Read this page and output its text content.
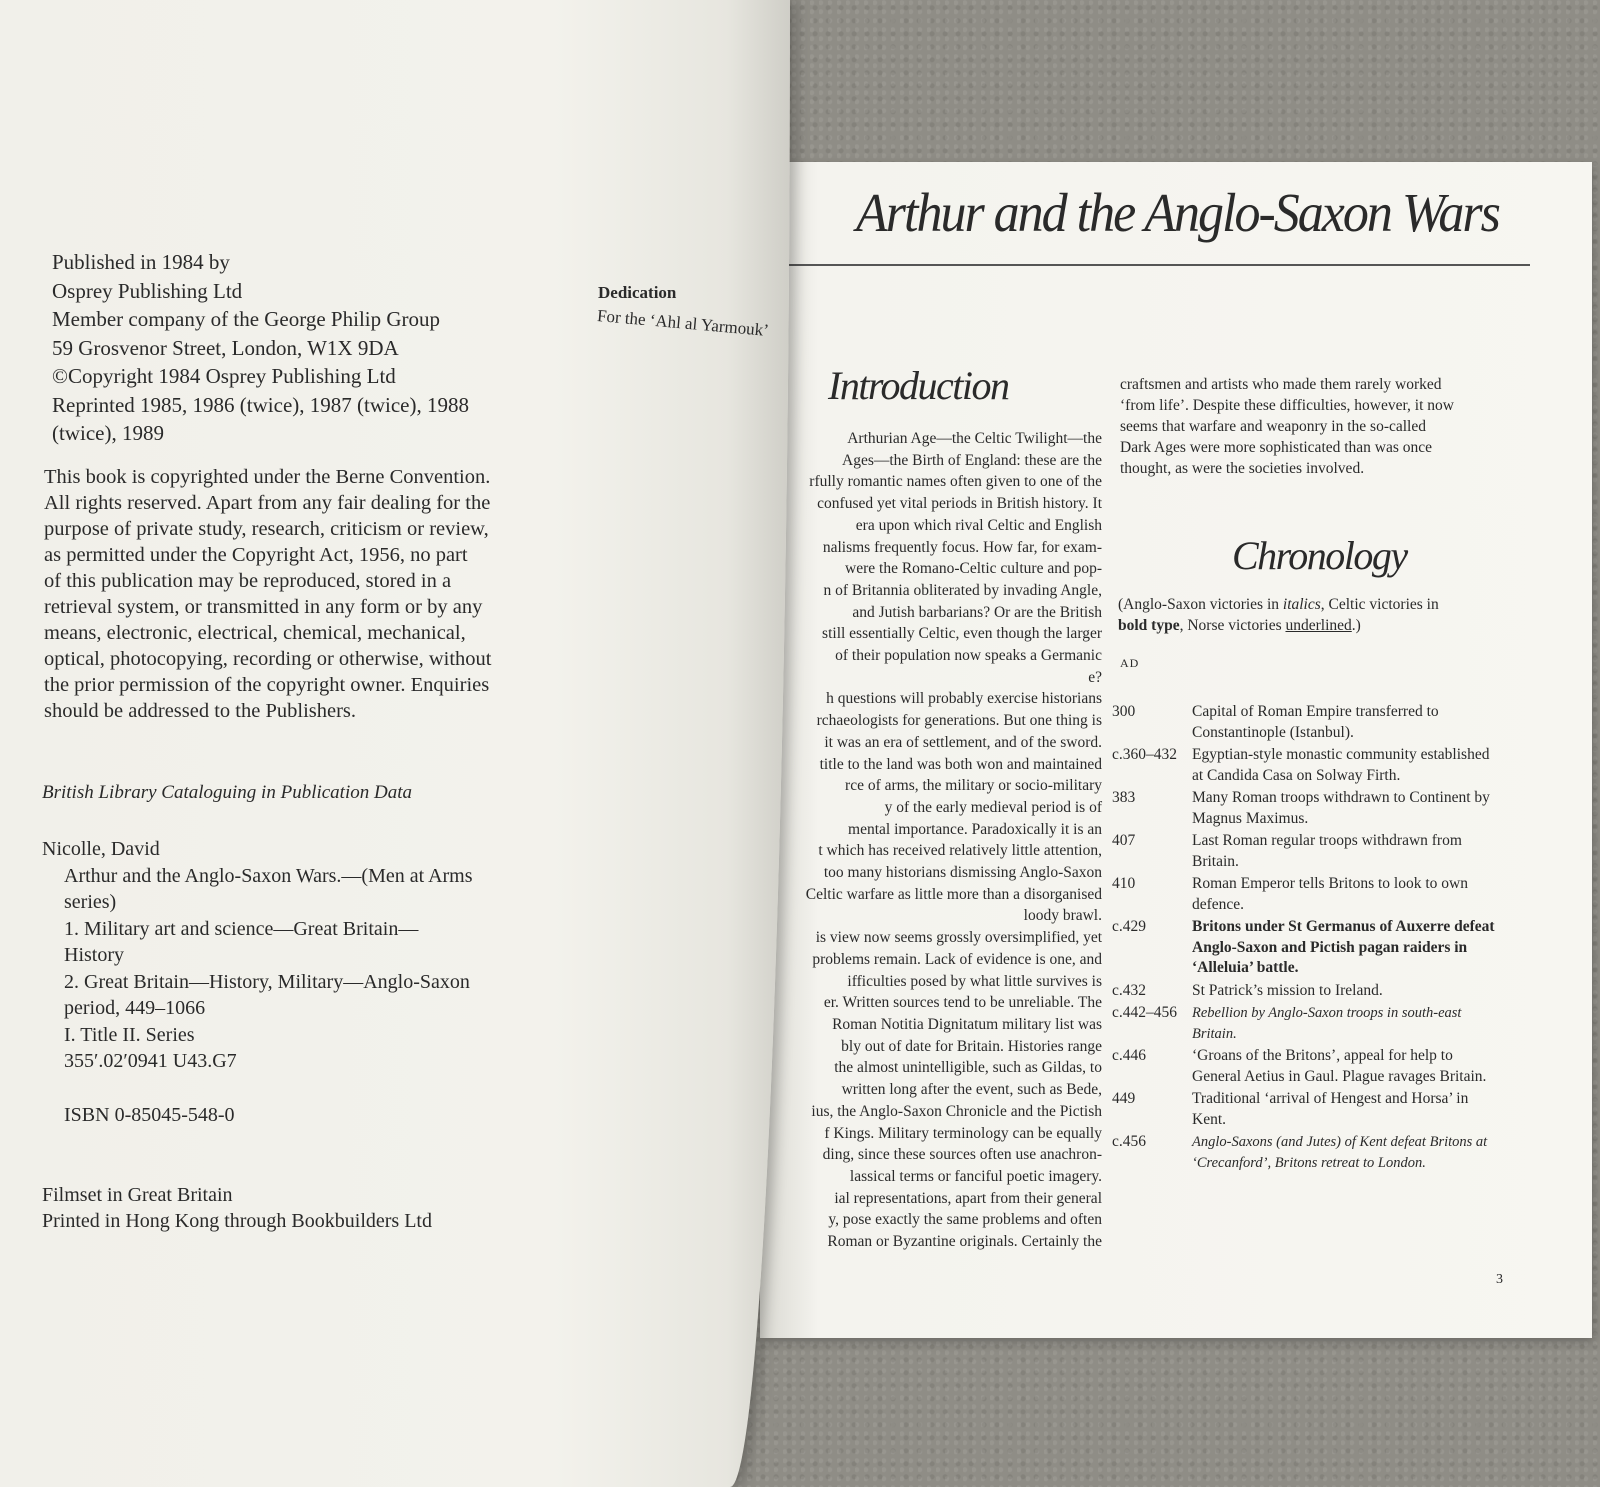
Arthur and the Anglo-Saxon Wars
Introduction
Arthurian Age—the Celtic Twilight—the
Ages—the Birth of England: these are the
rfully romantic names often given to one of the
confused yet vital periods in British history. It
era upon which rival Celtic and English
nalisms frequently focus. How far, for exam-
were the Romano-Celtic culture and pop-
n of Britannia obliterated by invading Angle,
and Jutish barbarians? Or are the British
still essentially Celtic, even though the larger
of their population now speaks a Germanic
e?
h questions will probably exercise historians
rchaeologists for generations. But one thing is
it was an era of settlement, and of the sword.
title to the land was both won and maintained
rce of arms, the military or socio-military
y of the early medieval period is of
mental importance. Paradoxically it is an
t which has received relatively little attention,
too many historians dismissing Anglo-Saxon
Celtic warfare as little more than a disorganised
loody brawl.
is view now seems grossly oversimplified, yet
problems remain. Lack of evidence is one, and
ifficulties posed by what little survives is
er. Written sources tend to be unreliable. The
Roman Notitia Dignitatum military list was
bly out of date for Britain. Histories range
the almost unintelligible, such as Gildas, to
written long after the event, such as Bede,
ius, the Anglo-Saxon Chronicle and the Pictish
f Kings. Military terminology can be equally
ding, since these sources often use anachron-
lassical terms or fanciful poetic imagery.
ial representations, apart from their general
y, pose exactly the same problems and often
Roman or Byzantine originals. Certainly the
craftsmen and artists who made them rarely worked
‘from life’. Despite these difficulties, however, it now
seems that warfare and weaponry in the so-called
Dark Ages were more sophisticated than was once
thought, as were the societies involved.
Chronology
(Anglo-Saxon victories in italics, Celtic victories in
bold type, Norse victories underlined.)
AD
300	Capital of Roman Empire transferred to Constantinople (Istanbul).
c.360–432 Egyptian-style monastic community established at Candida Casa on Solway Firth.
383	Many Roman troops withdrawn to Continent by Magnus Maximus.
407	Last Roman regular troops withdrawn from Britain.
410	Roman Emperor tells Britons to look to own defence.
c.429	Britons under St Germanus of Auxerre defeat Anglo-Saxon and Pictish pagan raiders in ‘Alleluia’ battle.
c.432	St Patrick’s mission to Ireland.
c.442–456	Rebellion by Anglo-Saxon troops in south-east Britain.
c.446	‘Groans of the Britons’, appeal for help to General Aetius in Gaul. Plague ravages Britain.
449	Traditional ‘arrival of Hengest and Horsa’ in Kent.
c.456	Anglo-Saxons (and Jutes) of Kent defeat Britons at ‘Crecanford’, Britons retreat to London.
3
Published in 1984 by
Osprey Publishing Ltd
Member company of the George Philip Group
59 Grosvenor Street, London, W1X 9DA
©Copyright 1984 Osprey Publishing Ltd
Reprinted 1985, 1986 (twice), 1987 (twice), 1988
(twice), 1989
This book is copyrighted under the Berne Convention.
All rights reserved. Apart from any fair dealing for the
purpose of private study, research, criticism or review,
as permitted under the Copyright Act, 1956, no part
of this publication may be reproduced, stored in a
retrieval system, or transmitted in any form or by any
means, electronic, electrical, chemical, mechanical,
optical, photocopying, recording or otherwise, without
the prior permission of the copyright owner. Enquiries
should be addressed to the Publishers.
British Library Cataloguing in Publication Data
Nicolle, David
Arthur and the Anglo-Saxon Wars.—(Men at Arms
series)
1. Military art and science—Great Britain—
History
2. Great Britain—History, Military—Anglo-Saxon
period, 449–1066
I. Title II. Series
355′.02′0941 U43.G7
ISBN 0-85045-548-0
Filmset in Great Britain
Printed in Hong Kong through Bookbuilders Ltd
Dedication
For the ‘Ahl al Yarmouk’
